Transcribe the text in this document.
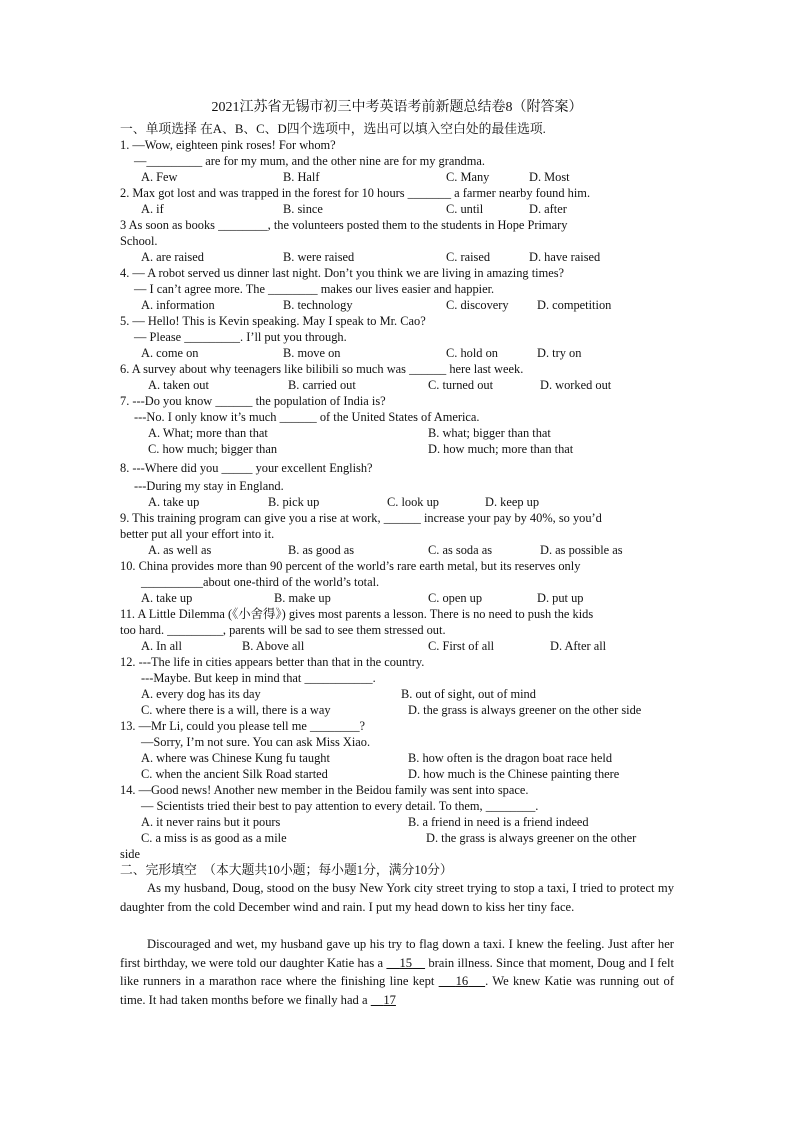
2021江苏省无锡市初三中考英语考前新题总结卷8（附答案）
一、单项选择 在A、B、C、D四个选项中，选出可以填入空白处的最佳选项.
1. —Wow, eighteen pink roses! For whom?
—_________ are for my mum, and the other nine are for my grandma.
A. Few	B. Half	C. Many	D. Most
2. Max got lost and was trapped in the forest for 10 hours _______ a farmer nearby found him.
A. if	B. since	C. until	D. after
3 As soon as books ________, the volunteers posted them to the students in Hope Primary
School.
A. are raised	B. were raised	C. raised	D. have raised
4. — A robot served us dinner last night. Don’t you think we are living in amazing times?
— I can’t agree more. The ________ makes our lives easier and happier.
A. information	B. technology	C. discovery D. competition
5. — Hello! This is Kevin speaking. May I speak to Mr. Cao?
— Please _________. I’ll put you through.
A. come on	B. move on	C. hold on	D. try on
6. A survey about why teenagers like bilibili so much was ______ here last week.
A. taken out	B. carried out	C. turned out	D. worked out
7. ---Do you know ______ the population of India is?
---No. I only know it’s much ______ of the United States of America.
A. What; more than that	B. what; bigger than that
C. how much; bigger than	D. how much; more than that
8. ---Where did you _____ your excellent English?
---During my stay in England.
A. take up	B. pick up	C. look up	D. keep up
9. This training program can give you a rise at work, ______ increase your pay by 40%, so you’d
better put all your effort into it.
A. as well as	B. as good as	C. as soda as	D. as possible as
10. China provides more than 90 percent of the world’s rare earth metal, but its reserves only
__________about one-third of the world’s total.
A. take up	B. make up	C. open up	D. put up
11. A Little Dilemma (《小舍得》) gives most parents a lesson. There is no need to push the kids
too hard. _________, parents will be sad to see them stressed out.
A. In all	B. Above all	C. First of all	D. After all
12. ---The life in cities appears better than that in the country.
---Maybe. But keep in mind that ___________.
A. every dog has its day	B. out of sight, out of mind
C. where there is a will, there is a way	D. the grass is always greener on the other side
13. —Mr Li, could you please tell me ________?
—Sorry, I’m not sure. You can ask Miss Xiao.
A. where was Chinese Kung fu taught	B. how often is the dragon boat race held
C. when the ancient Silk Road started	D. how much is the Chinese painting there
14. —Good news! Another new member in the Beidou family was sent into space.
— Scientists tried their best to pay attention to every detail. To them, ________.
A. it never rains but it pours	B. a friend in need is a friend indeed
C. a miss is as good as a mile	D. the grass is always greener on the other
side
二、完形填空　（本大题共10小题；每小题1分，满分10分）
As my husband, Doug, stood on the busy New York city street trying to stop a taxi, I tried to protect my daughter from the cold December wind and rain. I put my head down to kiss her tiny face.
Discouraged and wet, my husband gave up his try to flag down a taxi. I knew the feeling. Just after her first birthday, we were told our daughter Katie has a     15     brain illness. Since that moment, Doug and I felt like runners in a marathon race where the finishing line kept     16 . We knew Katie was running out of time. It had taken months before we finally had a     17
